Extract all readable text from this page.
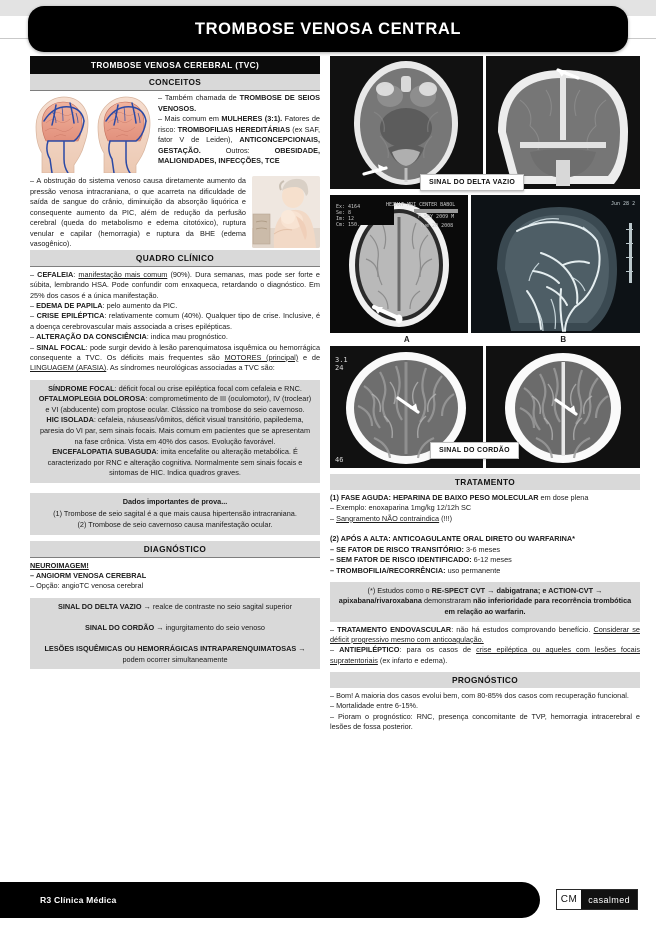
TROMBOSE VENOSA CENTRAL
TROMBOSE VENOSA CEREBRAL (TVC)
CONCEITOS
– Também chamada de TROMBOSE DE SEIOS VENOSOS.
– Mais comum em MULHERES (3:1). Fatores de risco: TROMBOFILIAS HEREDITÁRIAS (ex SAF, fator V de Leiden), ANTICONCEPCIONAIS, GESTAÇÃO. Outros: OBESIDADE, MALIGNIDADES, INFECÇÕES, TCE
– A obstrução do sistema venoso causa diretamente aumento da pressão venosa intracraniana, o que acarreta na dificuldade de saída de sangue do crânio, diminuição da absorção liquórica e consequente aumento da PIC, além de redução da perfusão cerebral (queda do metabolismo e edema citotóxico), ruptura venular e capilar (hemorragia) e ruptura da BHE (edema vasogênico).
QUADRO CLÍNICO
– CEFALEIA: manifestação mais comum (90%). Dura semanas, mas pode ser forte e súbita, lembrando HSA. Pode confundir com enxaqueca, retardando o diagnóstico. Em 25% dos casos é a única manifestação.
– EDEMA DE PAPILA: pelo aumento da PIC.
– CRISE EPILÉPTICA: relativamente comum (40%). Qualquer tipo de crise. Inclusive, é a doença cerebrovascular mais associada a crises epilépticas.
– ALTERAÇÃO DA CONSCIÊNCIA: indica mau prognóstico.
– SINAL FOCAL: pode surgir devido à lesão parenquimatosa isquêmica ou hemorrágica consequente a TVC. Os déficits mais frequentes são MOTORES (principal) e de LINGUAGEM (AFASIA). As síndromes neurológicas associadas a TVC são:
SÍNDROME FOCAL: déficit focal ou crise epiléptica focal com cefaleia e RNC.
OFTALMOPLEGIA DOLOROSA: comprometimento de III (oculomotor), IV (troclear) e VI (abducente) com proptose ocular. Clássico na trombose do seio cavernoso.
HIC ISOLADA: cefaleia, náuseas/vômitos, déficit visual transitório, papiledema, paresia do VI par, sem sinais focais. Mais comum em pacientes que se apresentam na fase crônica. Vista em 40% dos casos. Evolução favorável.
ENCEFALOPATIA SUBAGUDA: imita encefalite ou alteração metabólica. É caracterizado por RNC e alteração cognitiva. Normalmente sem sinais focais e sintomas de HIC. Indica quadros graves.

Dados importantes de prova...

(1) Trombose de seio sagital é a que mais causa hipertensão intracraniana.
(2) Trombose de seio cavernoso causa manifestação ocular.

DIAGNÓSTICO
NEUROIMAGEM!
– ANGIORM VENOSA CEREBRAL
– Opção: angioTC venosa cerebral
SINAL DO DELTA VAZIO → realce de contraste no seio sagital superior

SINAL DO CORDÃO → ingurgitamento do seio venoso

LESÕES ISQUÊMICAS OU HEMORRÁGICAS INTRAPARENQUIMATOSAS → podem ocorrer simultaneamente
SINAL DO DELTA VAZIO
Ex: 4164
Se: 8
Im: 12
Cm: 150.
HEZMAT MRI CENTER BABOL
F 50Y 2009 M
Tue 20 2008
Jun 28 2
A	B
3.1
24
46
SINAL DO CORDÃO
TRATAMENTO
(1) FASE AGUDA: HEPARINA DE BAIXO PESO MOLECULAR em dose plena
– Exemplo: enoxaparina 1mg/kg 12/12h SC
– Sangramento NÃO contraindica (!!!)

(2) APÓS A ALTA: ANTICOAGULANTE ORAL DIRETO OU WARFARINA*
– SE FATOR DE RISCO TRANSITÓRIO: 3-6 meses
– SEM FATOR DE RISCO IDENTIFICADO: 6-12 meses
– TROMBOFILIA/RECORRÊNCIA: uso permanente
(*) Estudos como o RE-SPECT CVT → dabigatrana; e ACTION-CVT → apixabana/rivaroxabana demonstraram não inferioridade para recorrência trombótica em relação ao warfarin.
– TRATAMENTO ENDOVASCULAR: não há estudos comprovando benefício. Considerar se déficit progressivo mesmo com anticoagulação.
– ANTIEPILÉPTICO: para os casos de crise epiléptica ou aqueles com lesões focais supratentoriais (ex infarto e edema).
PROGNÓSTICO
– Bom! A maioria dos casos evolui bem, com 80-85% dos casos com recuperação funcional.
– Mortalidade entre 6-15%.
– Pioram o prognóstico: RNC, presença concomitante de TVP, hemorragia intracerebral e lesões de fossa posterior.
R3 Clínica Médica	CM	casalmed
